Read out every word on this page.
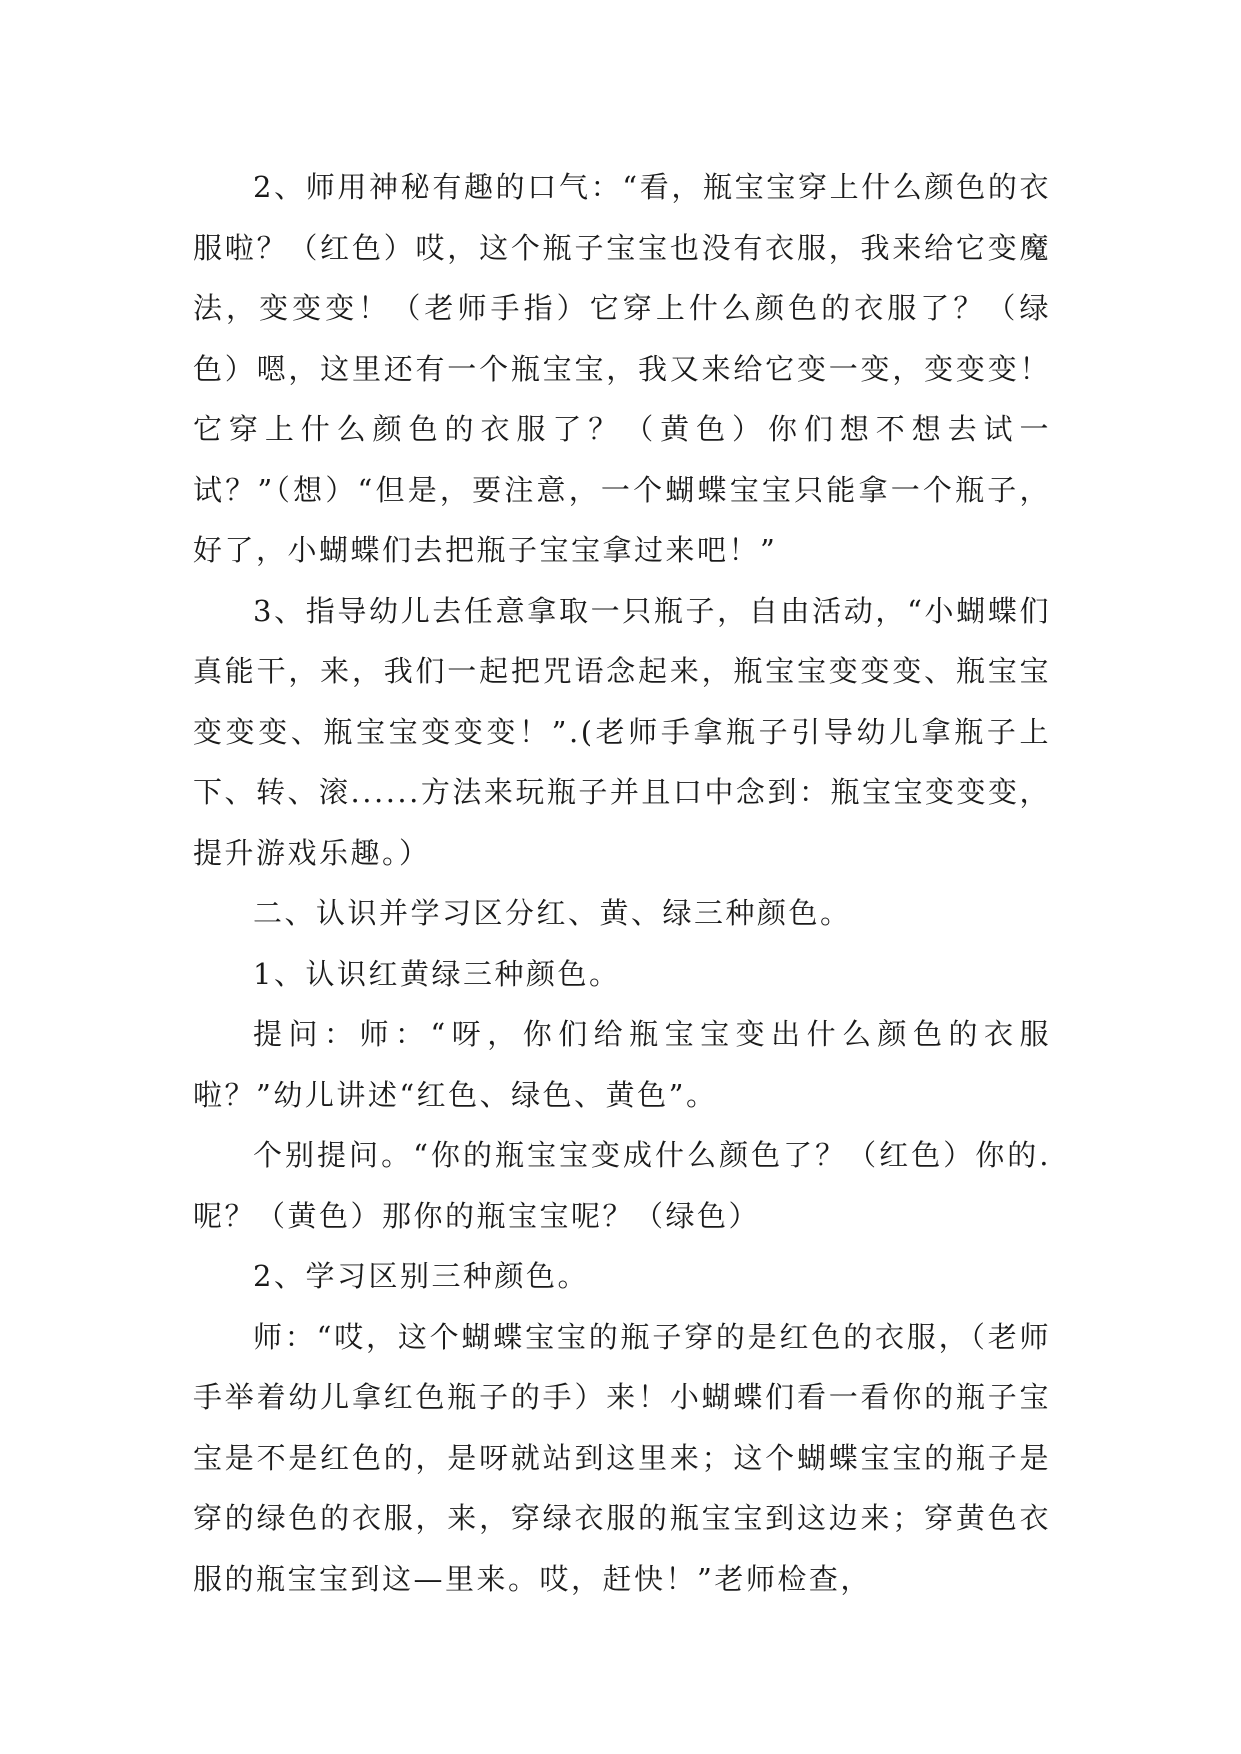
2、师用神秘有趣的口气：“看，瓶宝宝穿上什么颜色的衣服啦？（红色）哎，这个瓶子宝宝也没有衣服，我来给它变魔法，变变变！（老师手指）它穿上什么颜色的衣服了？（绿色）嗯，这里还有一个瓶宝宝，我又来给它变一变，变变变！它穿上什么颜色的衣服了？（黄色）你们想不想去试一试？”（想）“但是，要注意，一个蝴蝶宝宝只能拿一个瓶子，好了，小蝴蝶们去把瓶子宝宝拿过来吧！”

3、指导幼儿去任意拿取一只瓶子，自由活动，“小蝴蝶们真能干，来，我们一起把咒语念起来，瓶宝宝变变变、瓶宝宝变变变、瓶宝宝变变变！”.(老师手拿瓶子引导幼儿拿瓶子上下、转、滚......方法来玩瓶子并且口中念到：瓶宝宝变变变，提升游戏乐趣。）

二、认识并学习区分红、黄、绿三种颜色。

1、认识红黄绿三种颜色。

提问：师：“呀，你们给瓶宝宝变出什么颜色的衣服啦？”幼儿讲述“红色、绿色、黄色”。

个别提问。“你的瓶宝宝变成什么颜色了？（红色）你的.呢？（黄色）那你的瓶宝宝呢？（绿色）

2、学习区别三种颜色。

师：“哎，这个蝴蝶宝宝的瓶子穿的是红色的衣服，（老师手举着幼儿拿红色瓶子的手）来！小蝴蝶们看一看你的瓶子宝宝是不是红色的，是呀就站到这里来；这个蝴蝶宝宝的瓶子是穿的绿色的衣服，来，穿绿衣服的瓶宝宝到这边来；穿黄色衣服的瓶宝宝到这—里来。哎，赶快！”老师检查，
